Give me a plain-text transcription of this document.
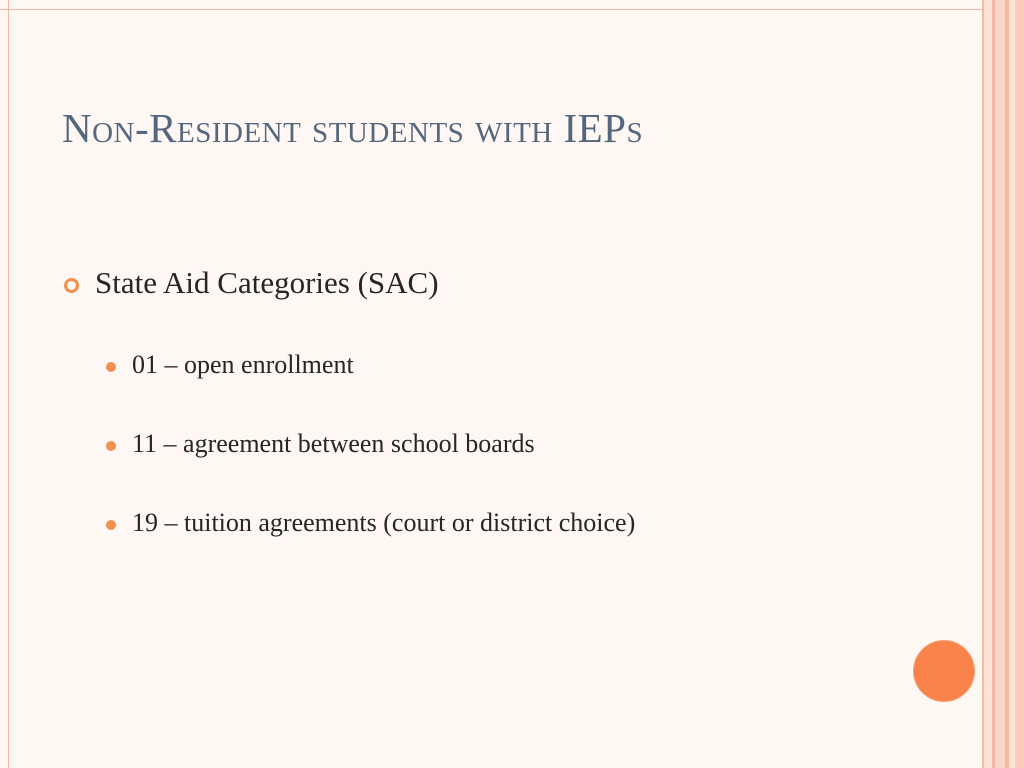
Non-Resident students with IEPs
State Aid Categories (SAC)
01 – open enrollment
11 – agreement between school boards
19 – tuition agreements (court or district choice)
